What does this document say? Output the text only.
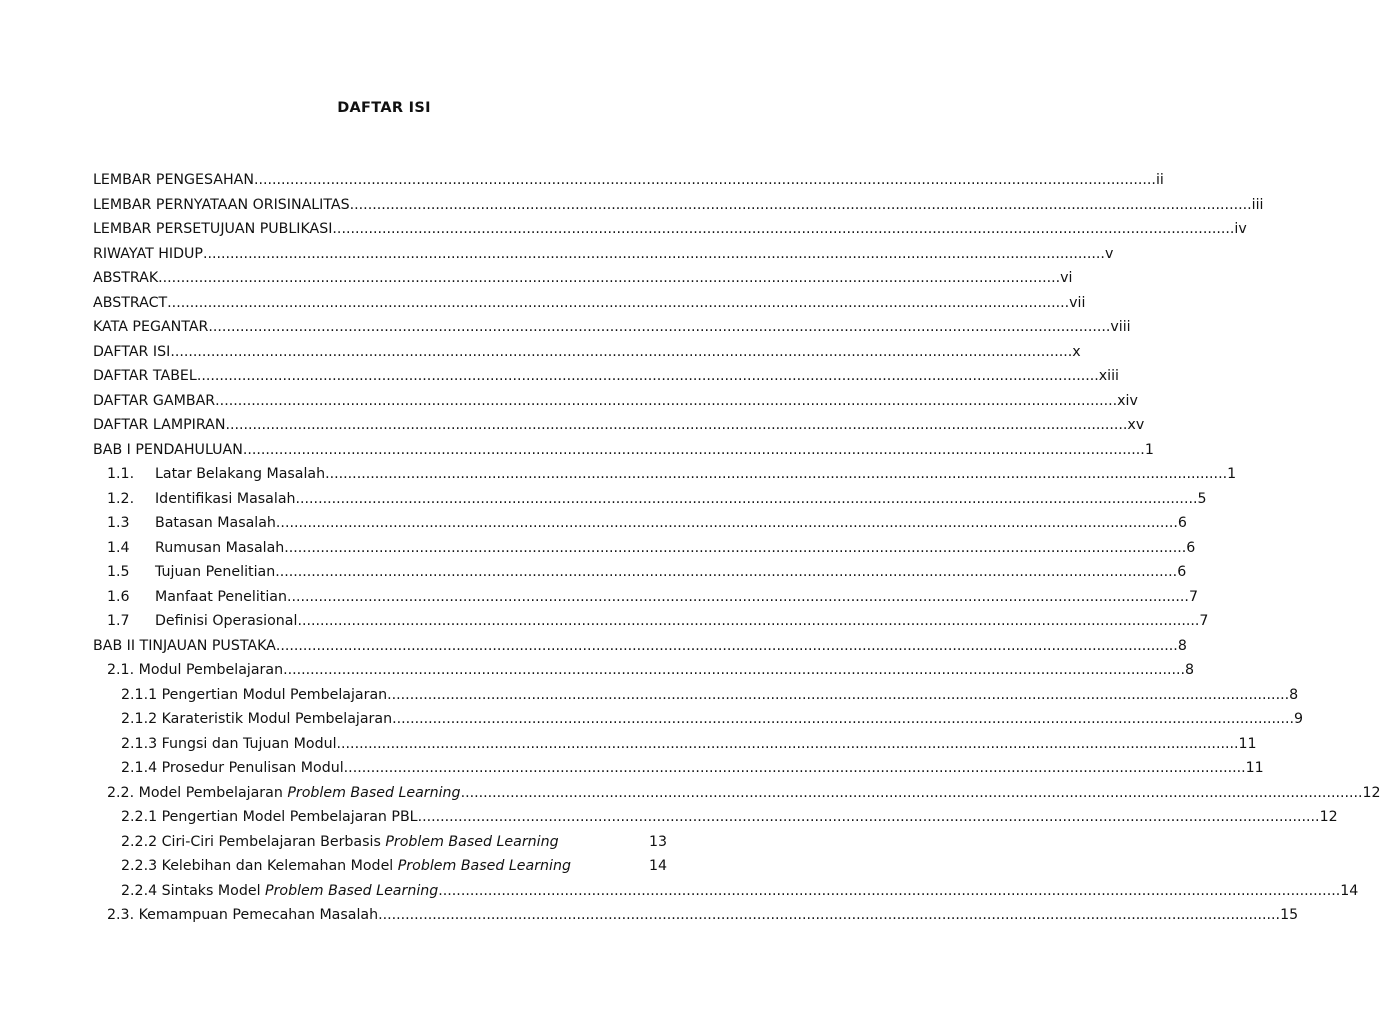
DAFTAR ISI
LEMBAR PENGESAHAN ........................................................................................................................................................................................................ ii
LEMBAR PERNYATAAN ORISINALITAS ........................................................................................................................................................................................................ iii
LEMBAR PERSETUJUAN PUBLIKASI ........................................................................................................................................................................................................ iv
RIWAYAT HIDUP ........................................................................................................................................................................................................ v
ABSTRAK ........................................................................................................................................................................................................ vi
ABSTRACT ........................................................................................................................................................................................................ vii
KATA PEGANTAR ........................................................................................................................................................................................................ viii
DAFTAR ISI ........................................................................................................................................................................................................ x
DAFTAR TABEL ........................................................................................................................................................................................................ xiii
DAFTAR GAMBAR ........................................................................................................................................................................................................ xiv
DAFTAR LAMPIRAN ........................................................................................................................................................................................................ xv
BAB I PENDAHULUAN ........................................................................................................................................................................................................ 1
1.1. Latar Belakang Masalah ........................................................................................................................................................................................................ 1
1.2. Identifikasi Masalah ........................................................................................................................................................................................................ 5
1.3 Batasan Masalah ........................................................................................................................................................................................................ 6
1.4 Rumusan Masalah ........................................................................................................................................................................................................ 6
1.5 Tujuan Penelitian ........................................................................................................................................................................................................ 6
1.6 Manfaat Penelitian ........................................................................................................................................................................................................ 7
1.7 Definisi Operasional ........................................................................................................................................................................................................ 7
BAB II TINJAUAN PUSTAKA ........................................................................................................................................................................................................ 8
2.1. Modul Pembelajaran ........................................................................................................................................................................................................ 8
2.1.1 Pengertian Modul Pembelajaran ........................................................................................................................................................................................................ 8
2.1.2 Karateristik Modul Pembelajaran ........................................................................................................................................................................................................ 9
2.1.3 Fungsi dan Tujuan Modul ........................................................................................................................................................................................................ 11
2.1.4 Prosedur Penulisan Modul ........................................................................................................................................................................................................ 11
2.2. Model Pembelajaran Problem Based Learning ........................................................................................................................................................................................................ 12
2.2.1 Pengertian Model Pembelajaran PBL ........................................................................................................................................................................................................ 12
2.2.2 Ciri-Ciri Pembelajaran Berbasis Problem Based Learning	13
2.2.3 Kelebihan dan Kelemahan Model Problem Based Learning	14
2.2.4 Sintaks Model Problem Based Learning ........................................................................................................................................................................................................ 14
2.3. Kemampuan Pemecahan Masalah ........................................................................................................................................................................................................ 15
